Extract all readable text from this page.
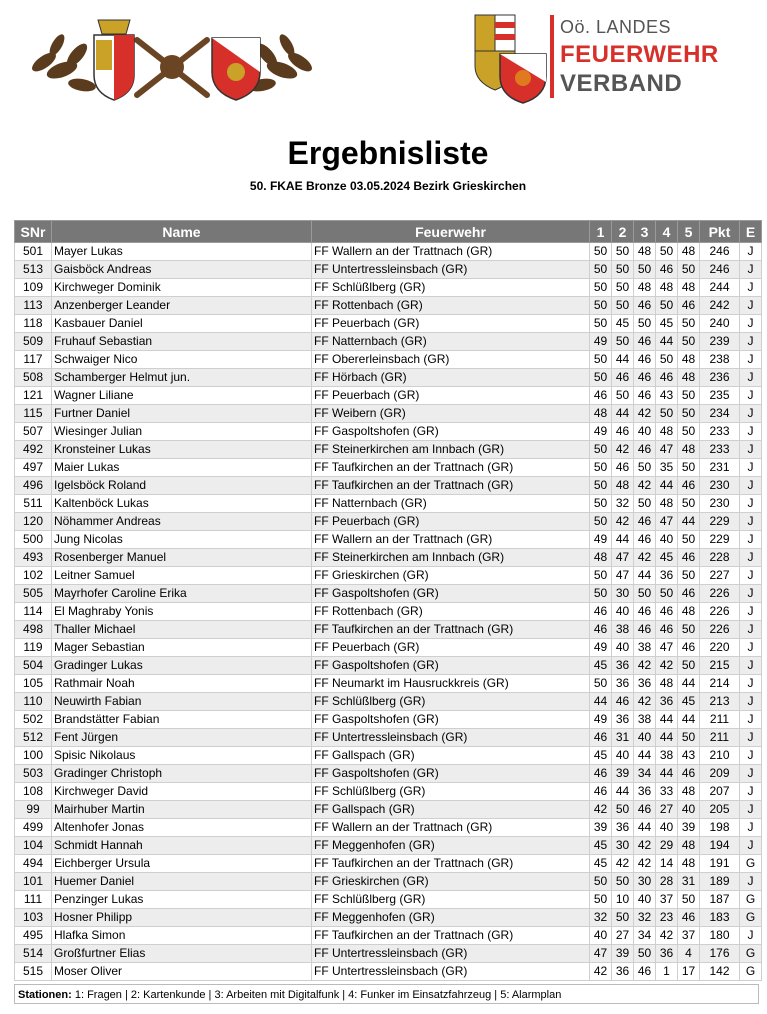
Oö. LANDES
FEUERWEHR
VERBAND
Ergebnisliste
50. FKAE Bronze 03.05.2024 Bezirk Grieskirchen
SNr	Name	Feuerwehr	1	2	3	4	5	Pkt	E
501	Mayer Lukas	FF Wallern an der Trattnach (GR)	50	50	48	50	48	246	J
513	Gaisböck Andreas	FF Untertressleinsbach (GR)	50	50	50	46	50	246	J
109	Kirchweger Dominik	FF Schlüßlberg (GR)	50	50	48	48	48	244	J
113	Anzenberger Leander	FF Rottenbach (GR)	50	50	46	50	46	242	J
118	Kasbauer Daniel	FF Peuerbach (GR)	50	45	50	45	50	240	J
509	Fruhauf Sebastian	FF Natternbach (GR)	49	50	46	44	50	239	J
117	Schwaiger Nico	FF Obererleinsbach (GR)	50	44	46	50	48	238	J
508	Schamberger Helmut jun.	FF Hörbach (GR)	50	46	46	46	48	236	J
121	Wagner Liliane	FF Peuerbach (GR)	46	50	46	43	50	235	J
115	Furtner Daniel	FF Weibern (GR)	48	44	42	50	50	234	J
507	Wiesinger Julian	FF Gaspoltshofen (GR)	49	46	40	48	50	233	J
492	Kronsteiner Lukas	FF Steinerkirchen am Innbach (GR)	50	42	46	47	48	233	J
497	Maier Lukas	FF Taufkirchen an der Trattnach (GR)	50	46	50	35	50	231	J
496	Igelsböck Roland	FF Taufkirchen an der Trattnach (GR)	50	48	42	44	46	230	J
511	Kaltenböck Lukas	FF Natternbach (GR)	50	32	50	48	50	230	J
120	Nöhammer Andreas	FF Peuerbach (GR)	50	42	46	47	44	229	J
500	Jung Nicolas	FF Wallern an der Trattnach (GR)	49	44	46	40	50	229	J
493	Rosenberger Manuel	FF Steinerkirchen am Innbach (GR)	48	47	42	45	46	228	J
102	Leitner Samuel	FF Grieskirchen (GR)	50	47	44	36	50	227	J
505	Mayrhofer Caroline Erika	FF Gaspoltshofen (GR)	50	30	50	50	46	226	J
114	El Maghraby Yonis	FF Rottenbach (GR)	46	40	46	46	48	226	J
498	Thaller Michael	FF Taufkirchen an der Trattnach (GR)	46	38	46	46	50	226	J
119	Mager Sebastian	FF Peuerbach (GR)	49	40	38	47	46	220	J
504	Gradinger Lukas	FF Gaspoltshofen (GR)	45	36	42	42	50	215	J
105	Rathmair Noah	FF Neumarkt im Hausruckkreis (GR)	50	36	36	48	44	214	J
110	Neuwirth Fabian	FF Schlüßlberg (GR)	44	46	42	36	45	213	J
502	Brandstätter Fabian	FF Gaspoltshofen (GR)	49	36	38	44	44	211	J
512	Fent Jürgen	FF Untertressleinsbach (GR)	46	31	40	44	50	211	J
100	Spisic Nikolaus	FF Gallspach (GR)	45	40	44	38	43	210	J
503	Gradinger Christoph	FF Gaspoltshofen (GR)	46	39	34	44	46	209	J
108	Kirchweger David	FF Schlüßlberg (GR)	46	44	36	33	48	207	J
99	Mairhuber Martin	FF Gallspach (GR)	42	50	46	27	40	205	J
499	Altenhofer Jonas	FF Wallern an der Trattnach (GR)	39	36	44	40	39	198	J
104	Schmidt Hannah	FF Meggenhofen (GR)	45	30	42	29	48	194	J
494	Eichberger Ursula	FF Taufkirchen an der Trattnach (GR)	45	42	42	14	48	191	G
101	Huemer Daniel	FF Grieskirchen (GR)	50	50	30	28	31	189	J
111	Penzinger Lukas	FF Schlüßlberg (GR)	50	10	40	37	50	187	G
103	Hosner Philipp	FF Meggenhofen (GR)	32	50	32	23	46	183	G
495	Hlafka Simon	FF Taufkirchen an der Trattnach (GR)	40	27	34	42	37	180	J
514	Großfurtner Elias	FF Untertressleinsbach (GR)	47	39	50	36	4	176	G
515	Moser Oliver	FF Untertressleinsbach (GR)	42	36	46	1	17	142	G
Stationen: 1: Fragen | 2: Kartenkunde | 3: Arbeiten mit Digitalfunk | 4: Funker im Einsatzfahrzeug | 5: Alarmplan
